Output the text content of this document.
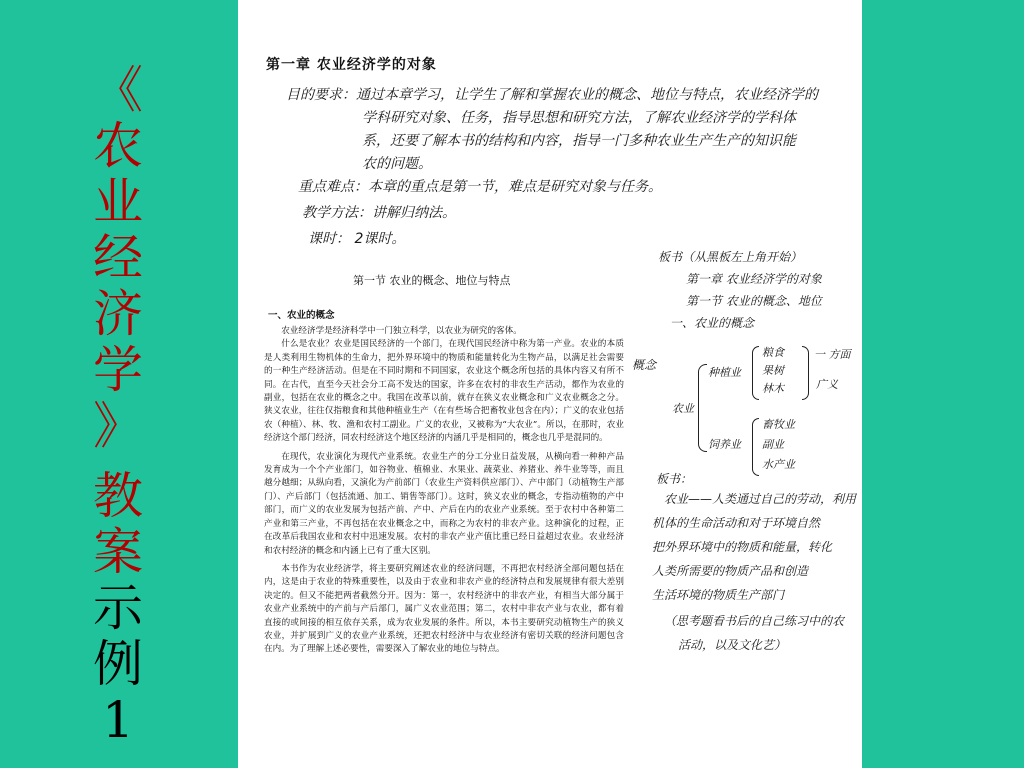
《
农
业
经
济
学
》
教
案
示
例
1
第一章 农业经济学的对象
目的要求：通过本章学习，让学生了解和掌握农业的概念、地位与特点，农业经济学的
学科研究对象、任务，指导思想和研究方法，了解农业经济学的学科体
系，还要了解本书的结构和内容，指导一门多种农业生产生产的知识能
农的问题。
重点难点：本章的重点是第一节，难点是研究对象与任务。
教学方法：讲解归纳法。
课时： 2课时。
第一节 农业的概念、地位与特点
一、农业的概念

农业经济学是经济科学中一门独立科学，以农业为研究的客体。

什么是农业？农业是国民经济的一个部门，在现代国民经济中称为第一产业。农业的本质是人类利用生物机体的生命力，把外界环境中的物质和能量转化为生物产品，以满足社会需要的一种生产经济活动。但是在不同时期和不同国家，农业这个概念所包括的具体内容又有所不同。在古代，直至今天社会分工高不发达的国家，许多在农村的非农生产活动，都作为农业的副业，包括在农业的概念之中。我国在改革以前，就存在狭义农业概念和广义农业概念之分。狭义农业，往往仅指粮食和其他种植业生产（在有些场合把畜牧业包含在内）；广义的农业包括农（种植）、林、牧、渔和农村工副业。广义的农业，又被称为“大农业”。所以，在那时，农业经济这个部门经济，同农村经济这个地区经济的内涵几乎是相同的，概念也几乎是混同的。

在现代，农业演化为现代产业系统。农业生产的分工分业日益发展，从横向看一种种产品发育成为一个个产业部门，如谷物业、植棉业、水果业、蔬菜业、养猪业、养牛业等等，而且越分越细；从纵向看，又演化为产前部门（农业生产资料供应部门）、产中部门（动植物生产部门）、产后部门（包括流通、加工、销售等部门）。这时，狭义农业的概念，专指动植物的产中部门，而广义的农业发展为包括产前、产中、产后在内的农业产业系统。至于农村中各种第二产业和第三产业，不再包括在农业概念之中，而称之为农村的非农产业。这种演化的过程，正在改革后我国农业和农村中迅速发展。农村的非农产业产值比重已经日益超过农业。农业经济和农村经济的概念和内涵上已有了重大区别。

本书作为农业经济学，将主要研究阐述农业的经济问题，不再把农村经济全部问题包括在内，这是由于农业的特殊重要性，以及由于农业和非农产业的经济特点和发展规律有很大差别决定的。但又不能把两者截然分开。因为：第一，农村经济中的非农产业，有相当大部分属于农业产业系统中的产前与产后部门，属广义农业范围；第二，农村中非农产业与农业，都有着直接的或间接的相互依存关系，成为农业发展的条件。所以，本书主要研究动植物生产的狭义农业，并扩展到广义的农业产业系统，还把农村经济中与农业经济有密切关联的经济问题包含在内。为了理解上述必要性，需要深入了解农业的地位与特点。

板书（从黑板左上角开始）
第一章 农业经济学的对象
第一节 农业的概念、地位
一、农业的概念
概念
农业
种植业
粮食
果树
林木
一 方面
广义
饲养业
畜牧业
副业
水产业
板书：
农业——人类通过自己的劳动，利用
机体的生命活动和对于环境自然
把外界环境中的物质和能量，转化
人类所需要的物质产品和创造
生活环境的物质生产部门
（思考题看书后的自己练习中的农
活动，以及文化艺）
